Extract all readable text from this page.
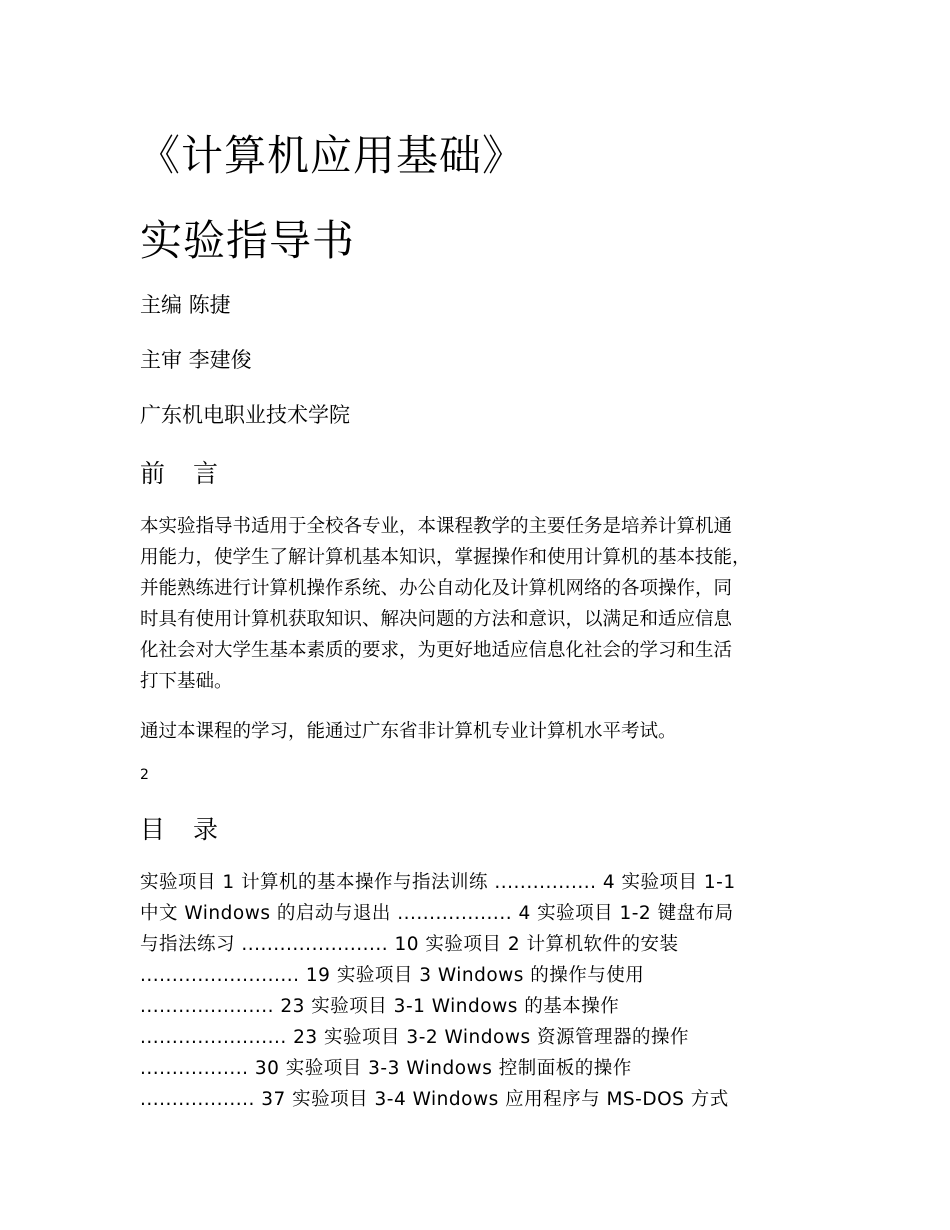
《计算机应用基础》
实验指导书
主编 陈捷
主审 李建俊
广东机电职业技术学院
前 言
本实验指导书适用于全校各专业，本课程教学的主要任务是培养计算机通
用能力，使学生了解计算机基本知识，掌握操作和使用计算机的基本技能，
并能熟练进行计算机操作系统、办公自动化及计算机网络的各项操作，同
时具有使用计算机获取知识、解决问题的方法和意识，以满足和适应信息
化社会对大学生基本素质的要求，为更好地适应信息化社会的学习和生活
打下基础。
通过本课程的学习，能通过广东省非计算机专业计算机水平考试。
2
目 录
实验项目 1 计算机的基本操作与指法训练 ................ 4 实验项目 1-1
中文 Windows 的启动与退出 .................. 4 实验项目 1-2 键盘布局
与指法练习 ....................... 10 实验项目 2 计算机软件的安装
......................... 19 实验项目 3 Windows 的操作与使用
..................... 23 实验项目 3-1 Windows 的基本操作
....................... 23 实验项目 3-2 Windows 资源管理器的操作
................. 30 实验项目 3-3 Windows 控制面板的操作
.................. 37 实验项目 3-4 Windows 应用程序与 MS-DOS 方式
